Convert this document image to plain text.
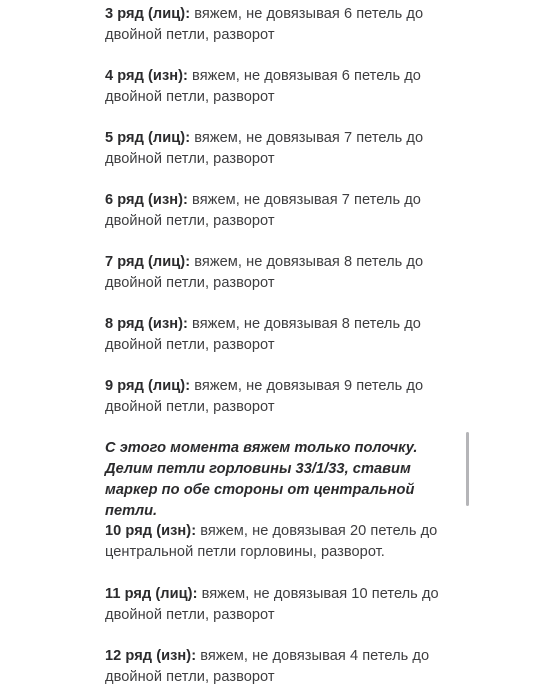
3 ряд (лиц): вяжем, не довязывая 6 петель до двойной петли, разворот
4 ряд (изн): вяжем, не довязывая 6 петель до двойной петли, разворот
5 ряд (лиц): вяжем, не довязывая 7 петель до двойной петли, разворот
6 ряд (изн): вяжем, не довязывая 7 петель до двойной петли, разворот
7 ряд (лиц): вяжем, не довязывая 8 петель до двойной петли, разворот
8 ряд (изн): вяжем, не довязывая 8 петель до двойной петли, разворот
9 ряд (лиц): вяжем, не довязывая 9 петель до двойной петли, разворот
С этого момента вяжем только полочку. Делим петли горловины 33/1/33, ставим маркер по обе стороны от центральной петли.
10 ряд (изн): вяжем, не довязывая 20 петель до центральной петли горловины, разворот.
11 ряд (лиц): вяжем, не довязывая 10 петель до двойной петли, разворот
12 ряд (изн): вяжем, не довязывая 4 петель до двойной петли, разворот
